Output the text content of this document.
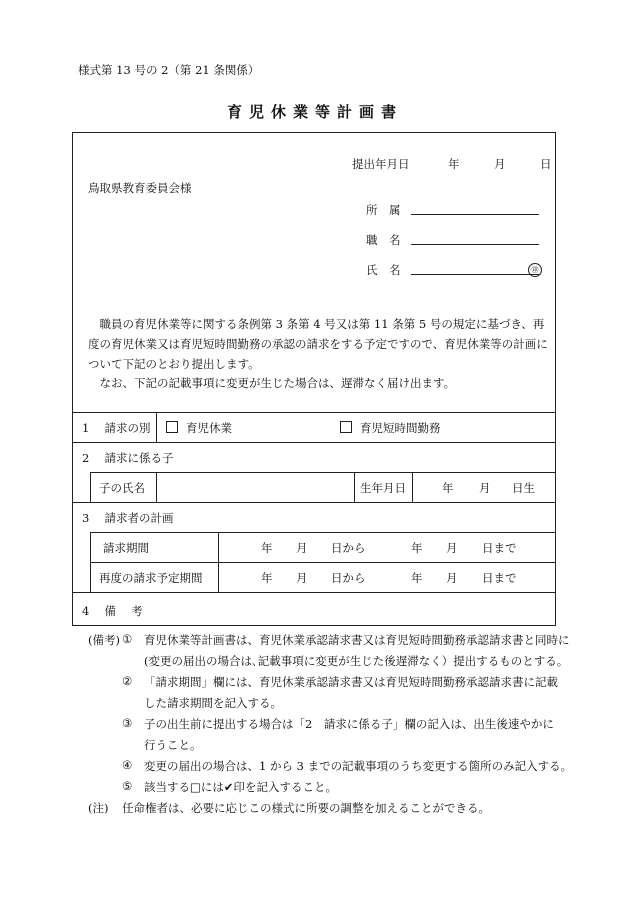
様式第 13 号の 2（第 21 条関係）
育児休業等計画書
提出年月日	年	月	日
鳥取県教育委員会様
所　属
職　名
氏　名	㊞
　職員の育児休業等に関する条例第 3 条第 4 号又は第 11 条第 5 号の規定に基づき、再度の育児休業又は育児短時間勤務の承認の請求をする予定ですので、育児休業等の計画について下記のとおり提出します。
　なお、下記の記載事項に変更が生じた場合は、遅滞なく届け出ます。
1　 請求の別	育児休業	育児短時間勤務
2　 請求に係る子
子の氏名	生年月日	年 月 日生
3　 請求者の計画
請求期間	年 月 日から	年 月 日まで
再度の請求予定期間	年 月 日から	年 月 日まで
4　 備　 考
(備考) ① 育児休業等計画書は、育児休業承認請求書又は育児短時間勤務承認請求書と同時に
(変更の届出の場合は､記載事項に変更が生じた後遅滞なく）提出するものとする。
② 「請求期間」欄には、育児休業承認請求書又は育児短時間勤務承認請求書に記載
した請求期間を記入する。
③ 子の出生前に提出する場合は「2　請求に係る子」欄の記入は、出生後速やかに
行うこと。
④ 変更の届出の場合は、1 から 3 までの記載事項のうち変更する箇所のみ記入する。
⑤ 該当する□には✔印を記入すること。
(注) 任命権者は、必要に応じこの様式に所要の調整を加えることができる。
